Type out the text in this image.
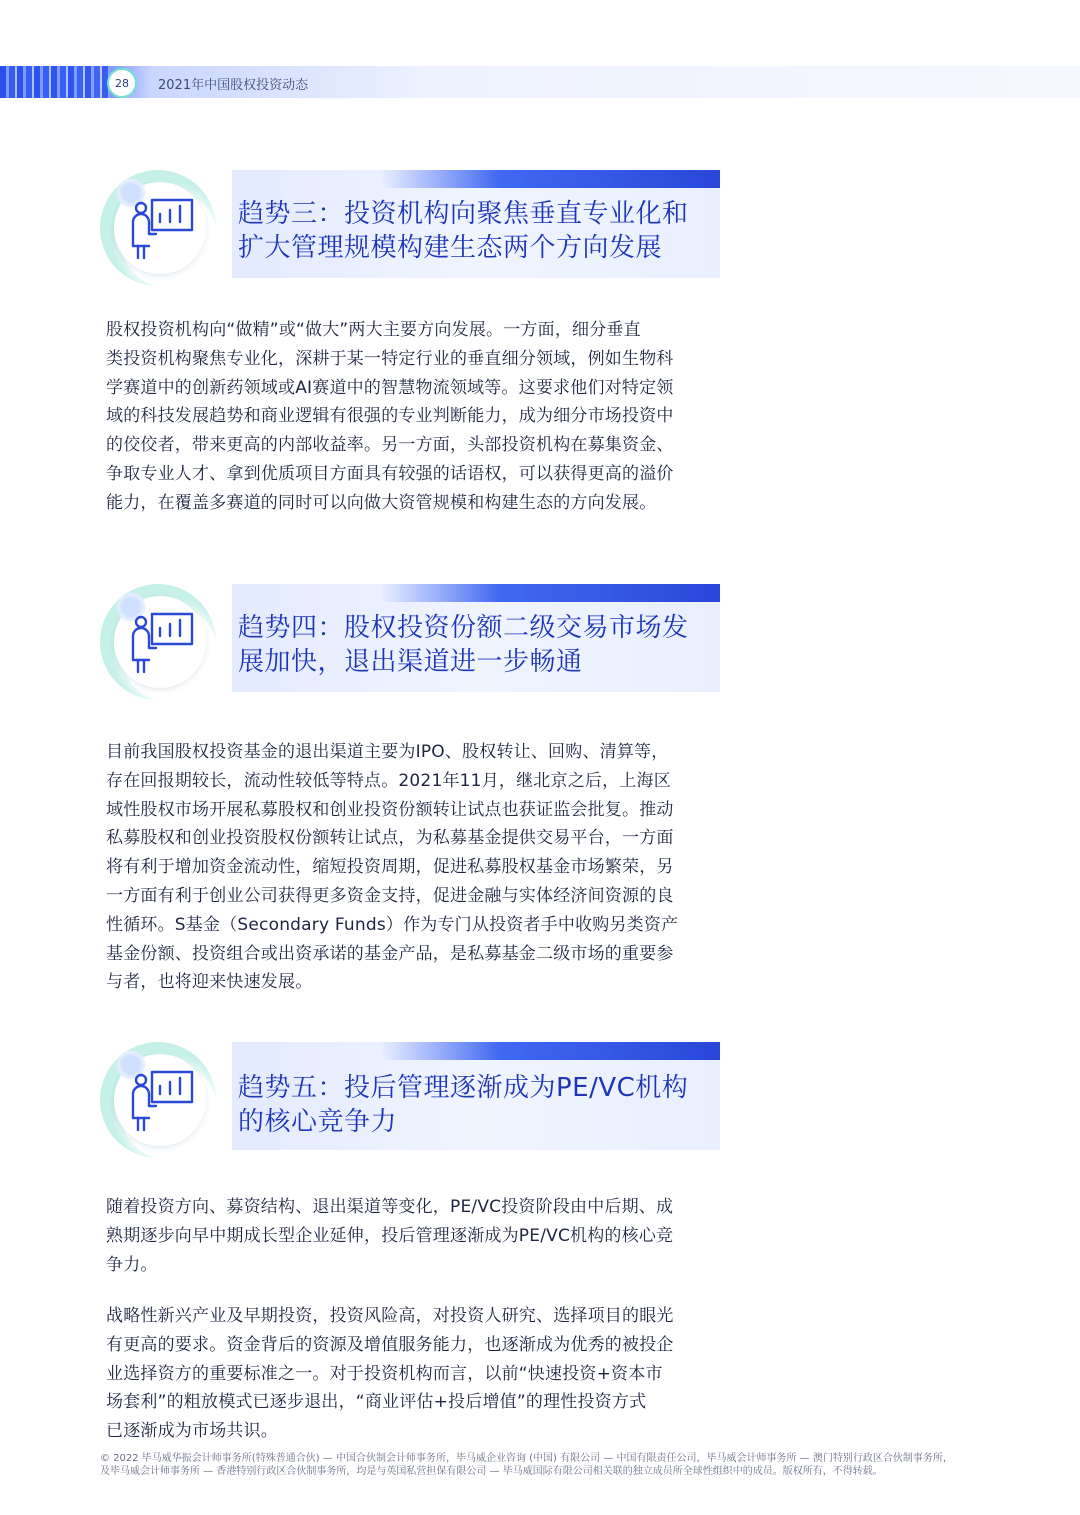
28	2021年中国股权投资动态
趋势三：投资机构向聚焦垂直专业化和
扩大管理规模构建生态两个方向发展
股权投资机构向“做精”或“做大”两大主要方向发展。一方面，细分垂直
类投资机构聚焦专业化，深耕于某一特定行业的垂直细分领域，例如生物科
学赛道中的创新药领域或AI赛道中的智慧物流领域等。这要求他们对特定领
域的科技发展趋势和商业逻辑有很强的专业判断能力，成为细分市场投资中
的佼佼者，带来更高的内部收益率。另一方面，头部投资机构在募集资金、
争取专业人才、拿到优质项目方面具有较强的话语权，可以获得更高的溢价
能力，在覆盖多赛道的同时可以向做大资管规模和构建生态的方向发展。
趋势四：股权投资份额二级交易市场发
展加快，退出渠道进一步畅通
目前我国股权投资基金的退出渠道主要为IPO、股权转让、回购、清算等，
存在回报期较长，流动性较低等特点。2021年11月，继北京之后，上海区
域性股权市场开展私募股权和创业投资份额转让试点也获证监会批复。推动
私募股权和创业投资股权份额转让试点，为私募基金提供交易平台，一方面
将有利于增加资金流动性，缩短投资周期，促进私募股权基金市场繁荣，另
一方面有利于创业公司获得更多资金支持，促进金融与实体经济间资源的良
性循环。S基金（Secondary Funds）作为专门从投资者手中收购另类资产
基金份额、投资组合或出资承诺的基金产品，是私募基金二级市场的重要参
与者，也将迎来快速发展。
趋势五：投后管理逐渐成为PE/VC机构
的核心竞争力
随着投资方向、募资结构、退出渠道等变化，PE/VC投资阶段由中后期、成
熟期逐步向早中期成长型企业延伸，投后管理逐渐成为PE/VC机构的核心竞
争力。
战略性新兴产业及早期投资，投资风险高，对投资人研究、选择项目的眼光
有更高的要求。资金背后的资源及增值服务能力，也逐渐成为优秀的被投企
业选择资方的重要标准之一。对于投资机构而言，以前“快速投资+资本市
场套利”的粗放模式已逐步退出，“商业评估+投后增值”的理性投资方式
已逐渐成为市场共识。
© 2022 毕马威华振会计师事务所(特殊普通合伙) — 中国合伙制会计师事务所，毕马威企业咨询 (中国) 有限公司 — 中国有限责任公司，毕马威会计师事务所 — 澳门特别行政区合伙制事务所，
及毕马威会计师事务所 — 香港特别行政区合伙制事务所，均是与英国私营担保有限公司 — 毕马威国际有限公司相关联的独立成员所全球性组织中的成员。版权所有，不得转载。
